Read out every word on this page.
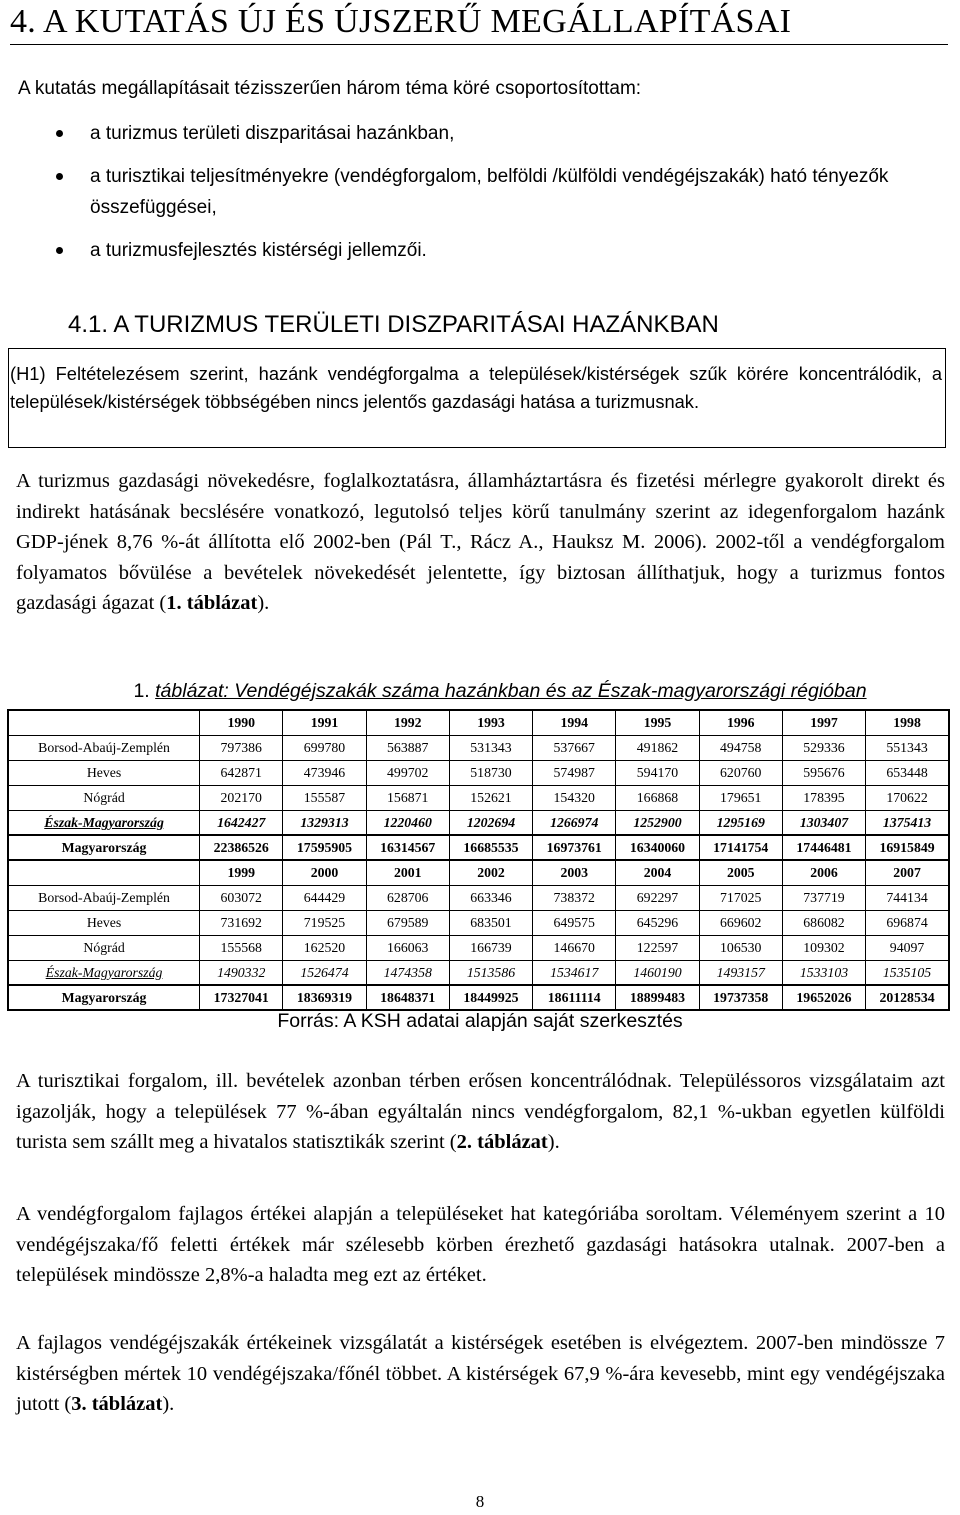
4. A KUTATÁS ÚJ ÉS ÚJSZERŰ MEGÁLLAPÍTÁSAI
A kutatás megállapításait tézisszerűen három téma köré csoportosítottam:
a turizmus területi diszparitásai hazánkban,
a turisztikai teljesítményekre (vendégforgalom, belföldi /külföldi vendégéjszakák) ható tényezők összefüggései,
a turizmusfejlesztés kistérségi jellemzői.
4.1. A TURIZMUS TERÜLETI DISZPARITÁSAI HAZÁNKBAN
(H1) Feltételezésem szerint, hazánk vendégforgalma a települések/kistérségek szűk körére koncentrálódik, a települések/kistérségek többségében nincs jelentős gazdasági hatása a turizmusnak.

A turizmus gazdasági növekedésre, foglalkoztatásra, államháztartásra és fizetési mérlegre gyakorolt direkt és indirekt hatásának becslésére vonatkozó, legutolsó teljes körű tanulmány szerint az idegenforgalom hazánk GDP-jének 8,76 %-át állította elő 2002-ben (Pál T., Rácz A., Hauksz M. 2006). 2002-től a vendégforgalom folyamatos bővülése a bevételek növekedését jelentette, így biztosan állíthatjuk, hogy a turizmus fontos gazdasági ágazat (1. táblázat).

1. táblázat: Vendégéjszakák száma hazánkban és az Észak-magyarországi régióban

	1990	1991	1992	1993	1994	1995	1996	1997	1998
Borsod-Abaúj-Zemplén	797386	699780	563887	531343	537667	491862	494758	529336	551343
Heves	642871	473946	499702	518730	574987	594170	620760	595676	653448
Nógrád	202170	155587	156871	152621	154320	166868	179651	178395	170622
Észak-Magyarország	1642427	1329313	1220460	1202694	1266974	1252900	1295169	1303407	1375413
Magyarország	22386526	17595905	16314567	16685535	16973761	16340060	17141754	17446481	16915849
	1999	2000	2001	2002	2003	2004	2005	2006	2007
Borsod-Abaúj-Zemplén	603072	644429	628706	663346	738372	692297	717025	737719	744134
Heves	731692	719525	679589	683501	649575	645296	669602	686082	696874
Nógrád	155568	162520	166063	166739	146670	122597	106530	109302	94097
Észak-Magyarország	1490332	1526474	1474358	1513586	1534617	1460190	1493157	1533103	1535105
Magyarország	17327041	18369319	18648371	18449925	18611114	18899483	19737358	19652026	20128534
Forrás: A KSH adatai alapján saját szerkesztés

A turisztikai forgalom, ill. bevételek azonban térben erősen koncentrálódnak. Településsoros vizsgálataim azt igazolják, hogy a települések 77 %-ában egyáltalán nincs vendégforgalom, 82,1 %-ukban egyetlen külföldi turista sem szállt meg a hivatalos statisztikák szerint (2. táblázat).

A vendégforgalom fajlagos értékei alapján a településeket hat kategóriába soroltam. Véleményem szerint a 10 vendégéjszaka/fő feletti értékek már szélesebb körben érezhető gazdasági hatásokra utalnak. 2007-ben a települések mindössze 2,8%-a haladta meg ezt az értéket.

A fajlagos vendégéjszakák értékeinek vizsgálatát a kistérségek esetében is elvégeztem. 2007-ben mindössze 7 kistérségben mértek 10 vendégéjszaka/főnél többet. A kistérségek 67,9 %-ára kevesebb, mint egy vendégéjszaka jutott (3. táblázat).

8
